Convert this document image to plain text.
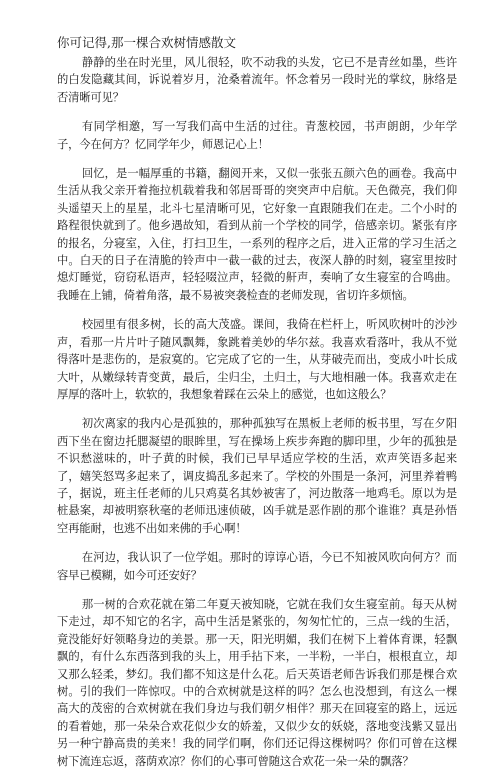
你可记得,那一棵合欢树情感散文

静静的坐在时光里，风儿很轻，吹不动我的头发，它已不是青丝如墨，些许的白发隐藏其间，诉说着岁月，沧桑着流年。怀念着另一段时光的掌纹，脉络是否清晰可见？

有同学相邀，写一写我们高中生活的过往。青葱校园，书声朗朗，少年学子，今在何方？忆同学年少，师恩记心上！

回忆，是一幅厚重的书籍，翻阅开来，又似一张张五颜六色的画卷。我高中生活从我父亲开着拖拉机载着我和邻居哥哥的突突声中启航。天色微亮，我们仰头遥望天上的星星，北斗七星清晰可见，它好象一直跟随我们在走。二个小时的路程很快就到了。他乡遇故知，看到从前一个学校的同学，倍感亲切。紧张有序的报名，分寝室，入住，打扫卫生，一系列的程序之后，进入正常的学习生活之中。白天的日子在清脆的铃声中一截一截的过去，夜深人静的时刻，寝室里按时熄灯睡觉，窃窃私语声，轻轻啜泣声，轻微的鼾声，奏响了女生寝室的合鸣曲。我睡在上铺，倚着角落，最不易被突袭检查的老师发现，省切许多烦恼。

校园里有很多树，长的高大茂盛。课间，我倚在栏杆上，听风吹树叶的沙沙声，看那一片片叶子随风飘舞，象跳着美妙的华尔兹。我喜欢看落叶，我从不觉得落叶是悲伤的，是寂寞的。它完成了它的一生，从芽破壳而出，变成小叶长成大叶，从嫩绿转青变黄，最后，尘归尘，土归土，与大地相融一体。我喜欢走在厚厚的落叶上，软软的，我想象着踩在云朵上的感觉，也如这般么？

初次离家的我内心是孤独的，那种孤独写在黑板上老师的板书里，写在夕阳西下坐在窗边托腮凝望的眼眸里，写在操场上疾步奔跑的脚印里，少年的孤独是不识愁滋味的，叶子黄的时候，我们已早早适应学校的生活，欢声笑语多起来了，嬉笑怒骂多起来了，调皮捣乱多起来了。学校的外围是一条河，河里养着鸭子，据说，班主任老师的儿只鸡莫名其妙被害了，河边散落一地鸡毛。原以为是桩悬案，却被明察秋毫的老师迅速侦破，凶手就是恶作剧的那个谁谁？真是孙悟空再能耐，也逃不出如来佛的手心啊！

在河边，我认识了一位学姐。那时的谆谆心语，今已不知被风吹向何方？而容早已模糊，如今可还安好？

那一树的合欢花就在第二年夏天被知晓，它就在我们女生寝室前。每天从树下走过，却不知它的名字，高中生活是紧张的，匆匆忙忙的，三点一线的生活，竟没能好好领略身边的美景。那一天，阳光明媚，我们在树下上着体育课，轻飘飘的，有什么东西落到我的头上，用手拈下来，一半粉，一半白，根根直立，却又那么轻柔，梦幻。我们都不知这是什么花。后天英语老师告诉我们那是棵合欢树。引的我们一阵惊叹。中的合欢树就是这样的吗？怎么也没想到，有这么一棵高大的茂密的合欢树就在我们身边与我们朝夕相伴？那天在回寝室的路上，远远的看着她，那一朵朵合欢花似少女的娇羞，又似少女的妖娆，落地变浅紫又显出另一种宁静高贵的美来！我的同学们啊，你们还记得这棵树吗？你们可曾在这棵树下流连忘返，落荫欢凉？你们的心事可曾随这合欢花一朵一朵的飘落？
